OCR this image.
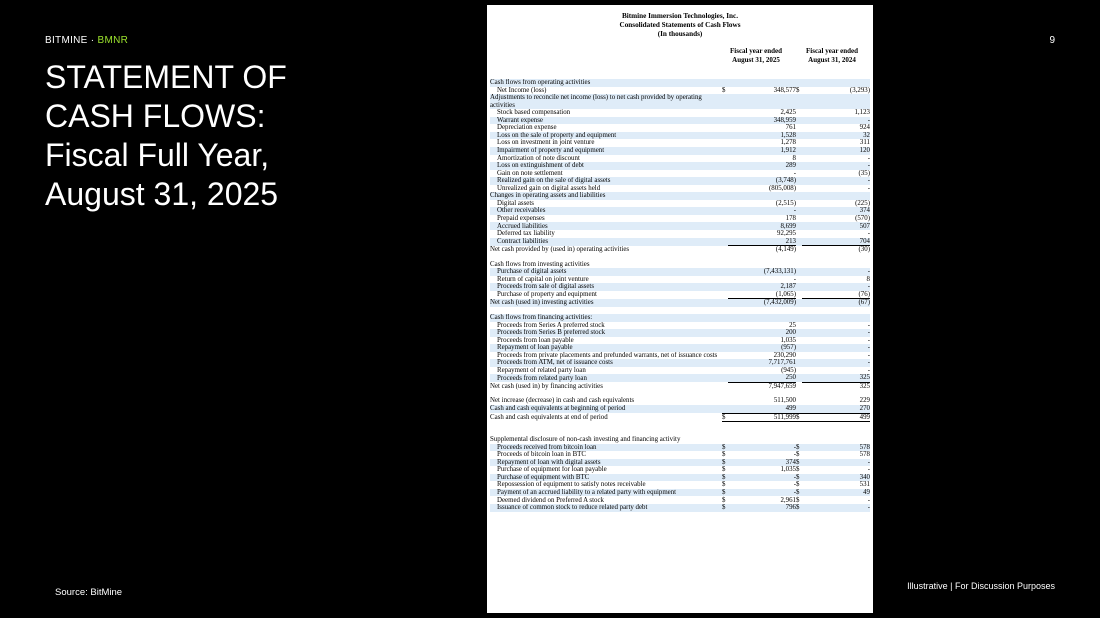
BITMINE · BMNR
STATEMENT OF CASH FLOWS: Fiscal Full Year, August 31, 2025
9
Source: BitMine
Illustrative | For Discussion Purposes
Bitmine Immersion Technologies, Inc.
Consolidated Statements of Cash Flows
(In thousands)
Fiscal year ended August 31, 2025
Fiscal year ended August 31, 2024
Cash flows from operating activities				
Net Income (loss)	$	348,577	$	(3,293)
Adjustments to reconcile net income (loss) to net cash provided by operating activities				
Stock based compensation		2,425		1,123
Warrant expense		348,959		-
Depreciation expense		761		924
Loss on the sale of property and equipment		1,528		32
Loss on investment in joint venture		1,278		311
Impairment of property and equipment		1,912		120
Amortization of note discount		8		-
Loss on extinguishment of debt		289		-
Gain on note settlement		-		(35)
Realized gain on the sale of digital assets		(3,748)		-
Unrealized gain on digital assets held		(805,008)		-
Changes in operating assets and liabilities				
Digital assets		(2,515)		(225)
Other receivables		-		374
Prepaid expenses		178		(570)
Accrued liabilities		8,699		507
Deferred tax liability		92,295		-
Contract liabilities		213		704
Net cash provided by (used in) operating activities		(4,149)		(30)

Cash flows from investing activities				
Purchase of digital assets		(7,433,131)		-
Return of capital on joint venture		-		8
Proceeds from sale of digital assets		2,187		-
Purchase of property and equipment		(1,065)		(76)
Net cash (used in) investing activities		(7,432,009)		(67)

Cash flows from financing activities:				
Proceeds from Series A preferred stock		25		-
Proceeds from Series B preferred stock		200		-
Proceeds from loan payable		1,035		-
Repayment of loan payable		(957)		-
Proceeds from private placements and prefunded warrants, net of issuance costs		230,290		-
Proceeds from ATM, net of issuance costs		7,717,761		-
Repayment of related party loan		(945)		-
Proceeds from related party loan		250		325
Net cash (used in) by financing activities		7,947,659		325

Net increase (decrease) in cash and cash equivalents		511,500		229
Cash and cash equivalents at beginning of period		499		270
Cash and cash equivalents at end of period	$	511,999	$	499

Supplemental disclosure of non-cash investing and financing activity				
Proceeds received from bitcoin loan	$	-	$	578
Proceeds of bitcoin loan in BTC	$	-	$	578
Repayment of loan with digital assets	$	374	$	-
Purchase of equipment for loan payable	$	1,035	$	-
Purchase of equipment with BTC	$	-	$	340
Repossession of equipment to satisfy notes receivable	$	-	$	531
Payment of an accrued liability to a related party with equipment	$	-	$	49
Deemed dividend on Preferred A stock	$	2,961	$	-
Issuance of common stock to reduce related party debt	$	796	$	-
